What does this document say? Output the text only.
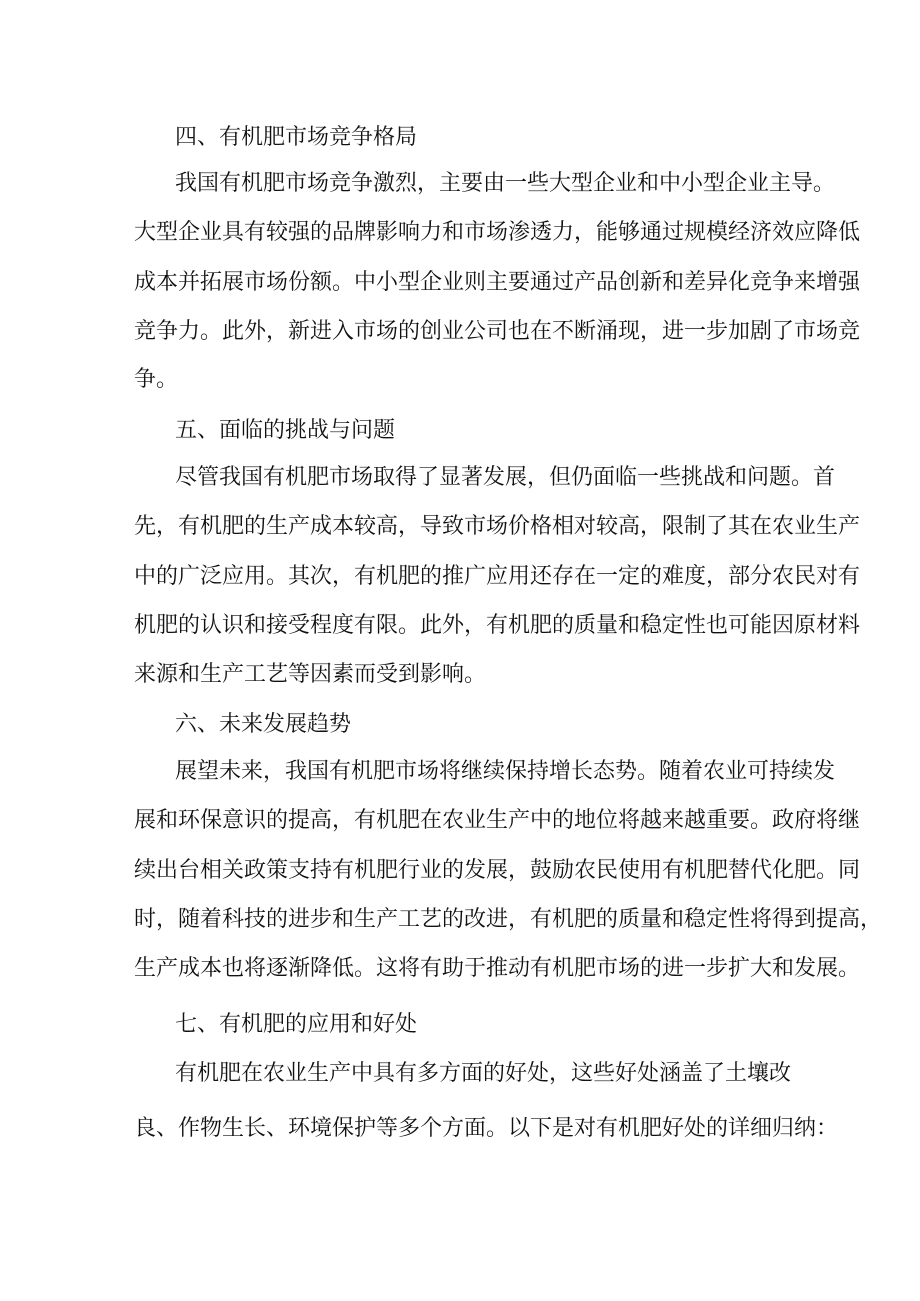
四、有机肥市场竞争格局

我国有机肥市场竞争激烈，主要由一些大型企业和中小型企业主导。

大型企业具有较强的品牌影响力和市场渗透力，能够通过规模经济效应降低

成本并拓展市场份额。中小型企业则主要通过产品创新和差异化竞争来增强

竞争力。此外，新进入市场的创业公司也在不断涌现，进一步加剧了市场竞

争。

五、面临的挑战与问题

尽管我国有机肥市场取得了显著发展，但仍面临一些挑战和问题。首

先，有机肥的生产成本较高，导致市场价格相对较高，限制了其在农业生产

中的广泛应用。其次，有机肥的推广应用还存在一定的难度，部分农民对有

机肥的认识和接受程度有限。此外，有机肥的质量和稳定性也可能因原材料

来源和生产工艺等因素而受到影响。

六、未来发展趋势

展望未来，我国有机肥市场将继续保持增长态势。随着农业可持续发

展和环保意识的提高，有机肥在农业生产中的地位将越来越重要。政府将继

续出台相关政策支持有机肥行业的发展，鼓励农民使用有机肥替代化肥。同

时，随着科技的进步和生产工艺的改进，有机肥的质量和稳定性将得到提高，

生产成本也将逐渐降低。这将有助于推动有机肥市场的进一步扩大和发展。

七、有机肥的应用和好处

有机肥在农业生产中具有多方面的好处，这些好处涵盖了土壤改

良、作物生长、环境保护等多个方面。以下是对有机肥好处的详细归纳：
